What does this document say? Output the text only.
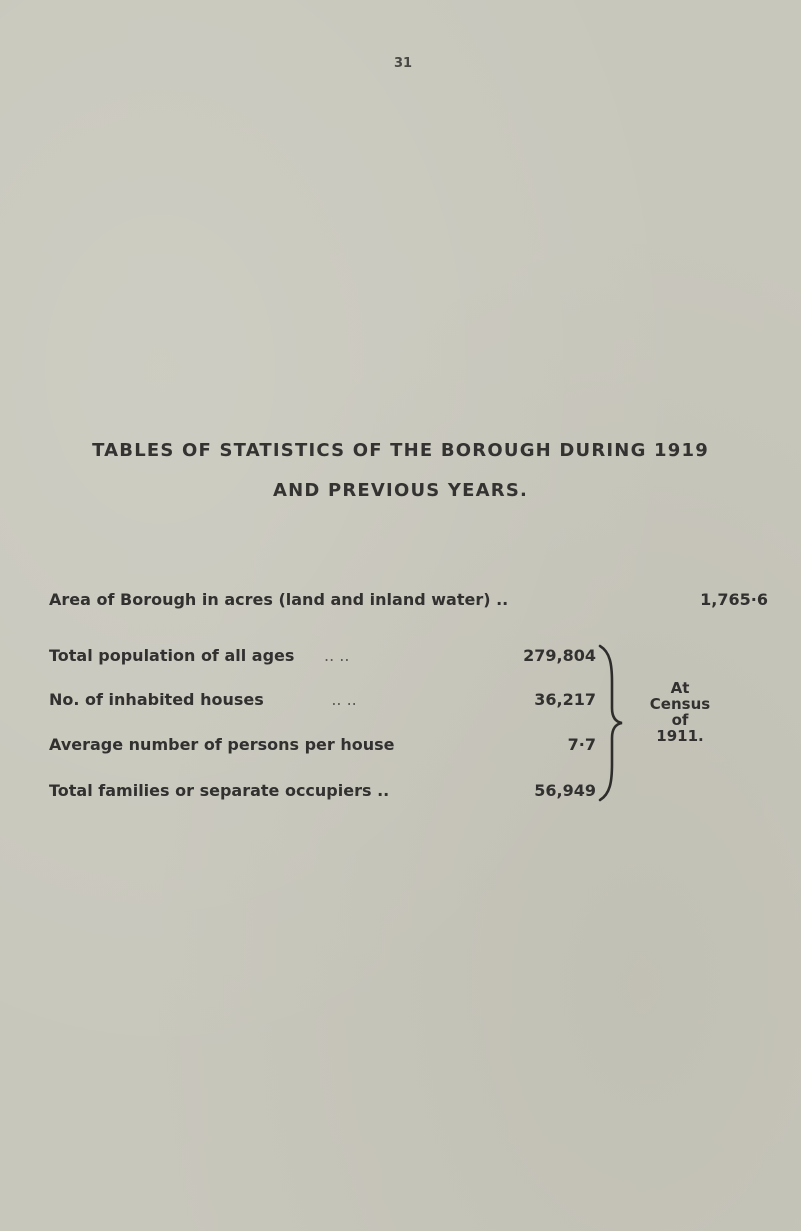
31
TABLES OF STATISTICS OF THE BOROUGH DURING 1919
AND PREVIOUS YEARS.
Area of Borough in acres (land and inland water) ..	1,765·6
Total population of all ages .. ..	279,804
No. of inhabited houses	.. ..	36,217
Average number of persons per house	7·7
Total families or separate occupiers ..	56,949
At
Census
of
1911.
